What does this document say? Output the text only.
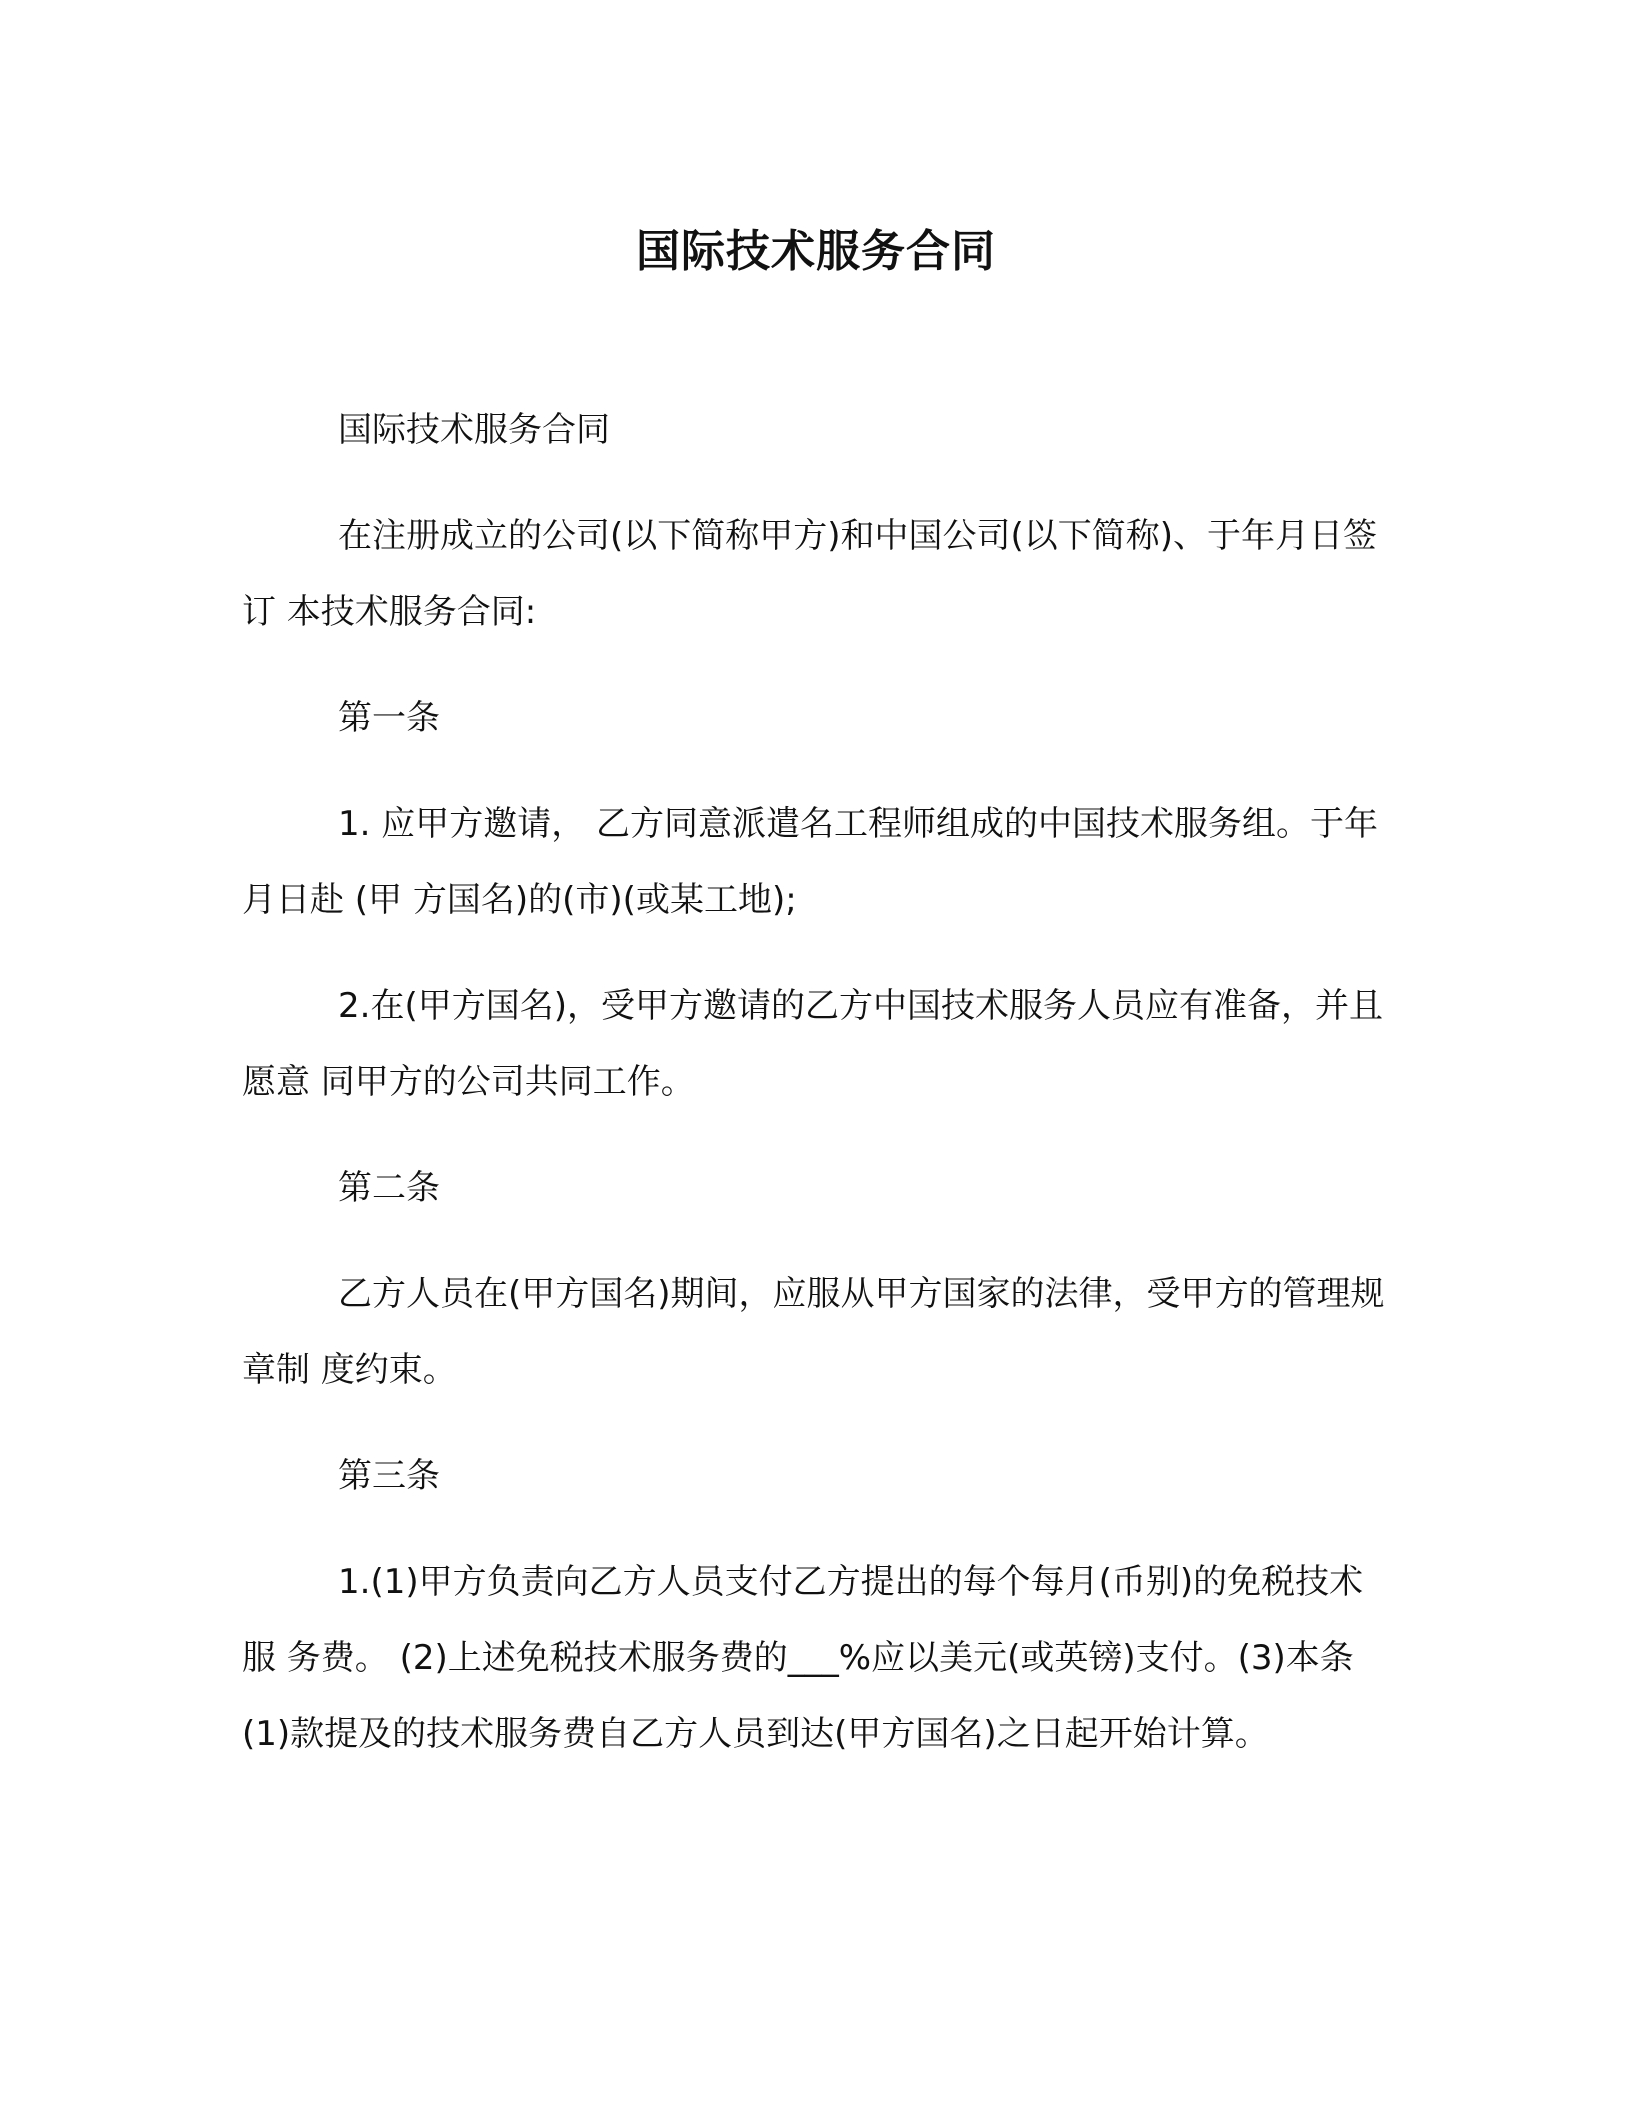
国际技术服务合同

国际技术服务合同

在注册成立的公司(以下简称甲方)和中国公司(以下简称)、于年月日签订 本技术服务合同:

第一条

1. 应甲方邀请， 乙方同意派遣名工程师组成的中国技术服务组。于年月日赴 (甲 方国名)的(市)(或某工地);

2.在(甲方国名)，受甲方邀请的乙方中国技术服务人员应有准备，并且愿意 同甲方的公司共同工作。

第二条

乙方人员在(甲方国名)期间，应服从甲方国家的法律，受甲方的管理规章制 度约束。

第三条

1.(1)甲方负责向乙方人员支付乙方提出的每个每月(币别)的免税技术服 务费。 (2)上述免税技术服务费的___%应以美元(或英镑)支付。(3)本条(1)款提及的技术服务费自乙方人员到达(甲方国名)之日起开始计算。
